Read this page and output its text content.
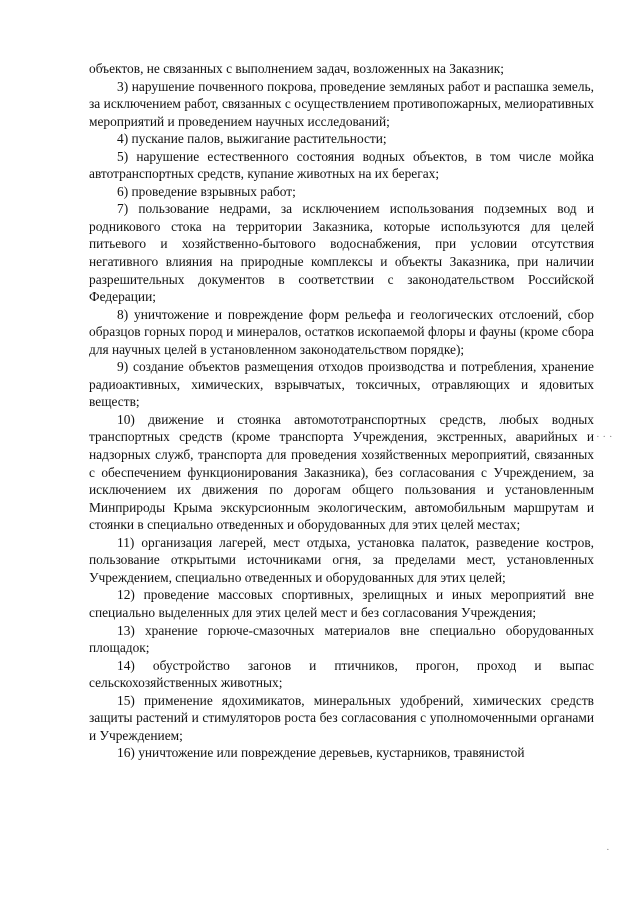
объектов, не связанных с выполнением задач, возложенных на Заказник;

3) нарушение почвенного покрова, проведение земляных работ и распашка земель, за исключением работ, связанных с осуществлением противопожарных, мелиоративных мероприятий и проведением научных исследований;

4) пускание палов, выжигание растительности;

5) нарушение естественного состояния водных объектов, в том числе мойка автотранспортных средств, купание животных на их берегах;

6) проведение взрывных работ;

7) пользование недрами, за исключением использования подземных вод и родникового стока на территории Заказника, которые используются для целей питьевого и хозяйственно-бытового водоснабжения, при условии отсутствия негативного влияния на природные комплексы и объекты Заказника, при наличии разрешительных документов в соответствии с законодательством Российской Федерации;

8) уничтожение и повреждение форм рельефа и геологических отслоений, сбор образцов горных пород и минералов, остатков ископаемой флоры и фауны (кроме сбора для научных целей в установленном законодательством порядке);

9) создание объектов размещения отходов производства и потребления, хранение радиоактивных, химических, взрывчатых, токсичных, отравляющих и ядовитых веществ;

10) движение и стоянка автомототранспортных средств, любых водных транспортных средств (кроме транспорта Учреждения, экстренных, аварийных и надзорных служб, транспорта для проведения хозяйственных мероприятий, связанных с обеспечением функционирования Заказника), без согласования с Учреждением, за исключением их движения по дорогам общего пользования и установленным Минприроды Крыма экскурсионным экологическим, автомобильным маршрутам и стоянки в специально отведенных и оборудованных для этих целей местах;

11) организация лагерей, мест отдыха, установка палаток, разведение костров, пользование открытыми источниками огня, за пределами мест, установленных Учреждением, специально отведенных и оборудованных для этих целей;

12) проведение массовых спортивных, зрелищных и иных мероприятий вне специально выделенных для этих целей мест и без согласования Учреждения;

13) хранение горюче-смазочных материалов вне специально оборудованных площадок;

14) обустройство загонов и птичников, прогон, проход и выпас сельскохозяйственных животных;

15) применение ядохимикатов, минеральных удобрений, химических средств защиты растений и стимуляторов роста без согласования с уполномоченными органами и Учреждением;

16) уничтожение или повреждение деревьев, кустарников, травянистой

· · ·
·
